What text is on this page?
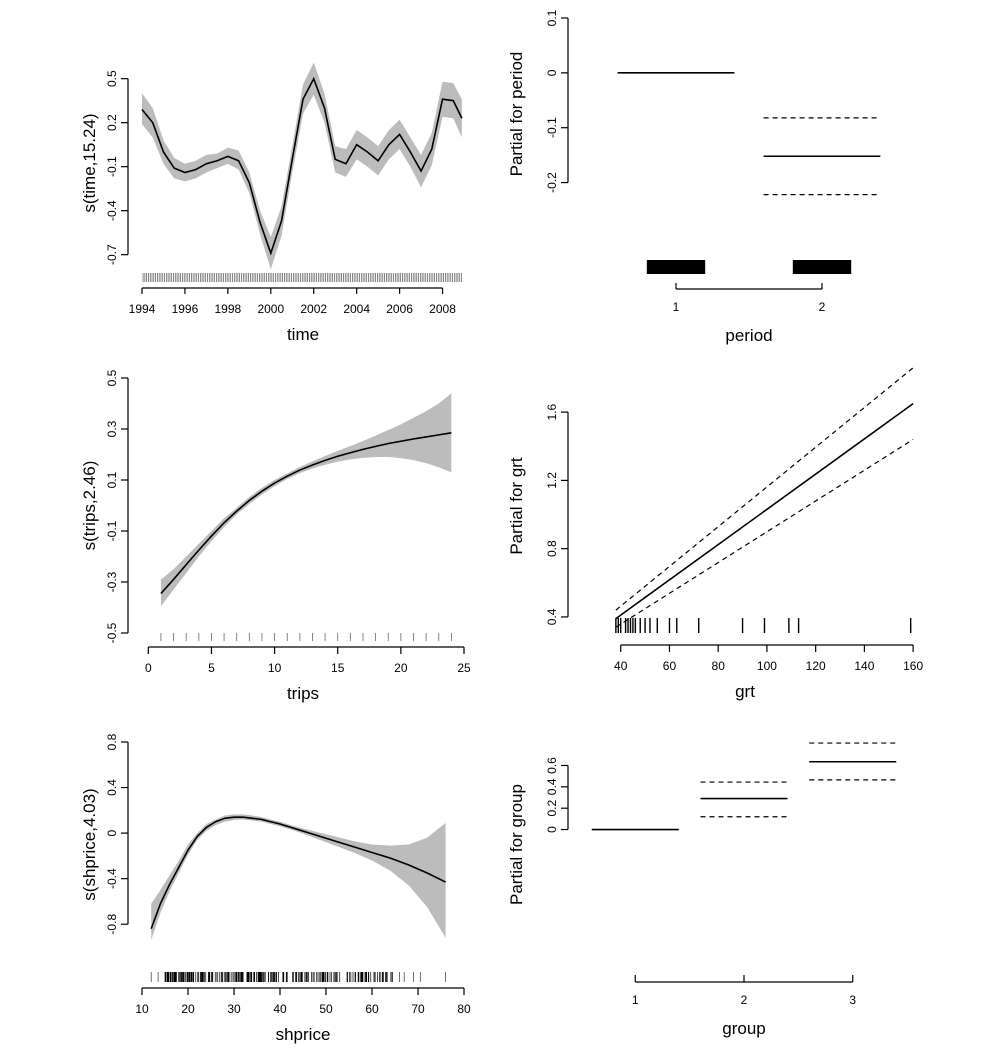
-0.7
-0.4
-0.1
0.2
0.5
s(time,15.24)
1994 1996 1998 2000 2002 2004 2006 2008
time
-0.2
-0.1
0
0.1
Partial for period
1	2
period
-0.5
-0.3
-0.1
0.1
0.3
0.5
s(trips,2.46)
0	5	10	15	20	25
trips
0.4
0.8
1.2
1.6
Partial for grt
40	60	80	100 120 140 160
grt
-0.8
-0.4
0
0.4
0.8
s(shprice,4.03)
10	20	30	40	50	60	70	80
shprice
0
0.2
0.4
0.6
Partial for group
1	2	3
group
